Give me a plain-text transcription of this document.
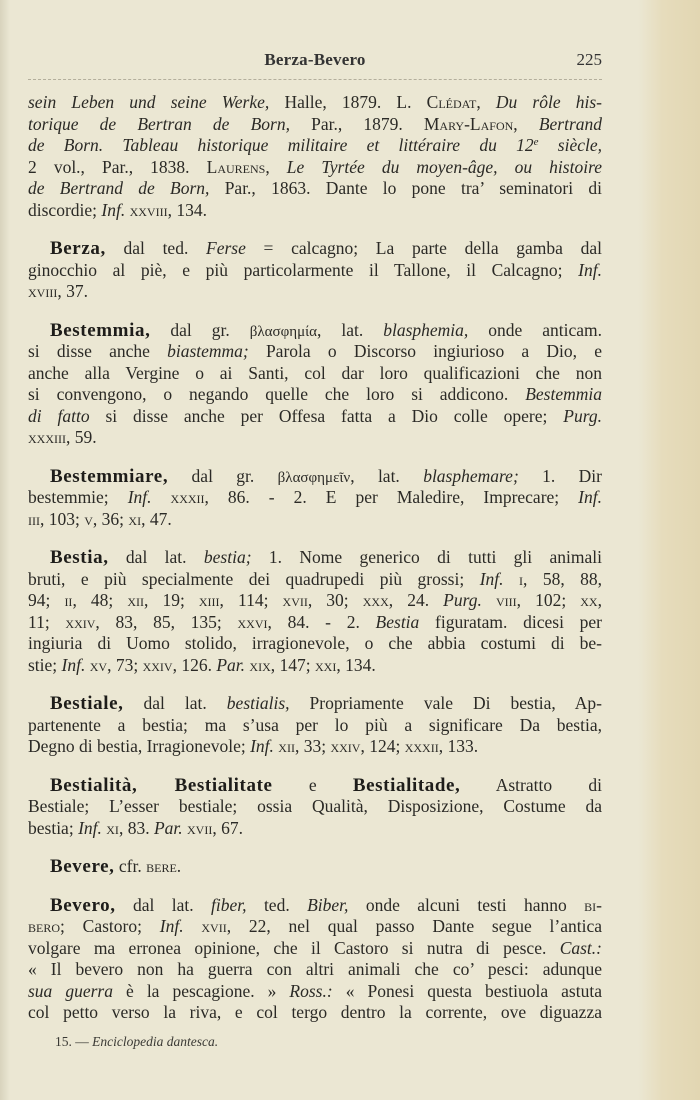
Berza-Bevero	225
sein Leben und seine Werke, Halle, 1879. L. Clédat, Du rôle his-
torique de Bertran de Born, Par., 1879. Mary-Lafon, Bertrand
de Born. Tableau historique militaire et littéraire du 12e siècle,
2 vol., Par., 1838. Laurens, Le Tyrtée du moyen-âge, ou histoire
de Bertrand de Born, Par., 1863. Dante lo pone tra’ seminatori di
discordie; Inf. xxviii, 134.
Berza, dal ted. Ferse = calcagno; La parte della gamba dal
ginocchio al piè, e più particolarmente il Tallone, il Calcagno; Inf.
xviii, 37.
Bestemmia, dal gr. βλασφημία, lat. blasphemia, onde anticam.
si disse anche biastemma; Parola o Discorso ingiurioso a Dio, e
anche alla Vergine o ai Santi, col dar loro qualificazioni che non
si convengono, o negando quelle che loro si addicono. Bestemmia
di fatto si disse anche per Offesa fatta a Dio colle opere; Purg.
xxxiii, 59.
Bestemmiare, dal gr. βλασφημεῖν, lat. blasphemare; 1. Dir
bestemmie; Inf. xxxii, 86. - 2. E per Maledire, Imprecare; Inf.
iii, 103; v, 36; xi, 47.
Bestia, dal lat. bestia; 1. Nome generico di tutti gli animali
bruti, e più specialmente dei quadrupedi più grossi; Inf. i, 58, 88,
94; ii, 48; xii, 19; xiii, 114; xvii, 30; xxx, 24. Purg. viii, 102; xx,
11; xxiv, 83, 85, 135; xxvi, 84. - 2. Bestia figuratam. dicesi per
ingiuria di Uomo stolido, irragionevole, o che abbia costumi di be-
stie; Inf. xv, 73; xxiv, 126. Par. xix, 147; xxi, 134.
Bestiale, dal lat. bestialis, Propriamente vale Di bestia, Ap-
partenente a bestia; ma s’usa per lo più a significare Da bestia,
Degno di bestia, Irragionevole; Inf. xii, 33; xxiv, 124; xxxii, 133.
Bestialità, Bestialitate e Bestialitade, Astratto di
Bestiale; L’esser bestiale; ossia Qualità, Disposizione, Costume da
bestia; Inf. xi, 83. Par. xvii, 67.
Bevere, cfr. bere.
Bevero, dal lat. fiber, ted. Biber, onde alcuni testi hanno bi-
bero; Castoro; Inf. xvii, 22, nel qual passo Dante segue l’antica
volgare ma erronea opinione, che il Castoro si nutra di pesce. Cast.:
« Il bevero non ha guerra con altri animali che co’ pesci: adunque
sua guerra è la pescagione. » Ross.: « Ponesi questa bestiuola astuta
col petto verso la riva, e col tergo dentro la corrente, ove diguazza
15. — Enciclopedia dantesca.
